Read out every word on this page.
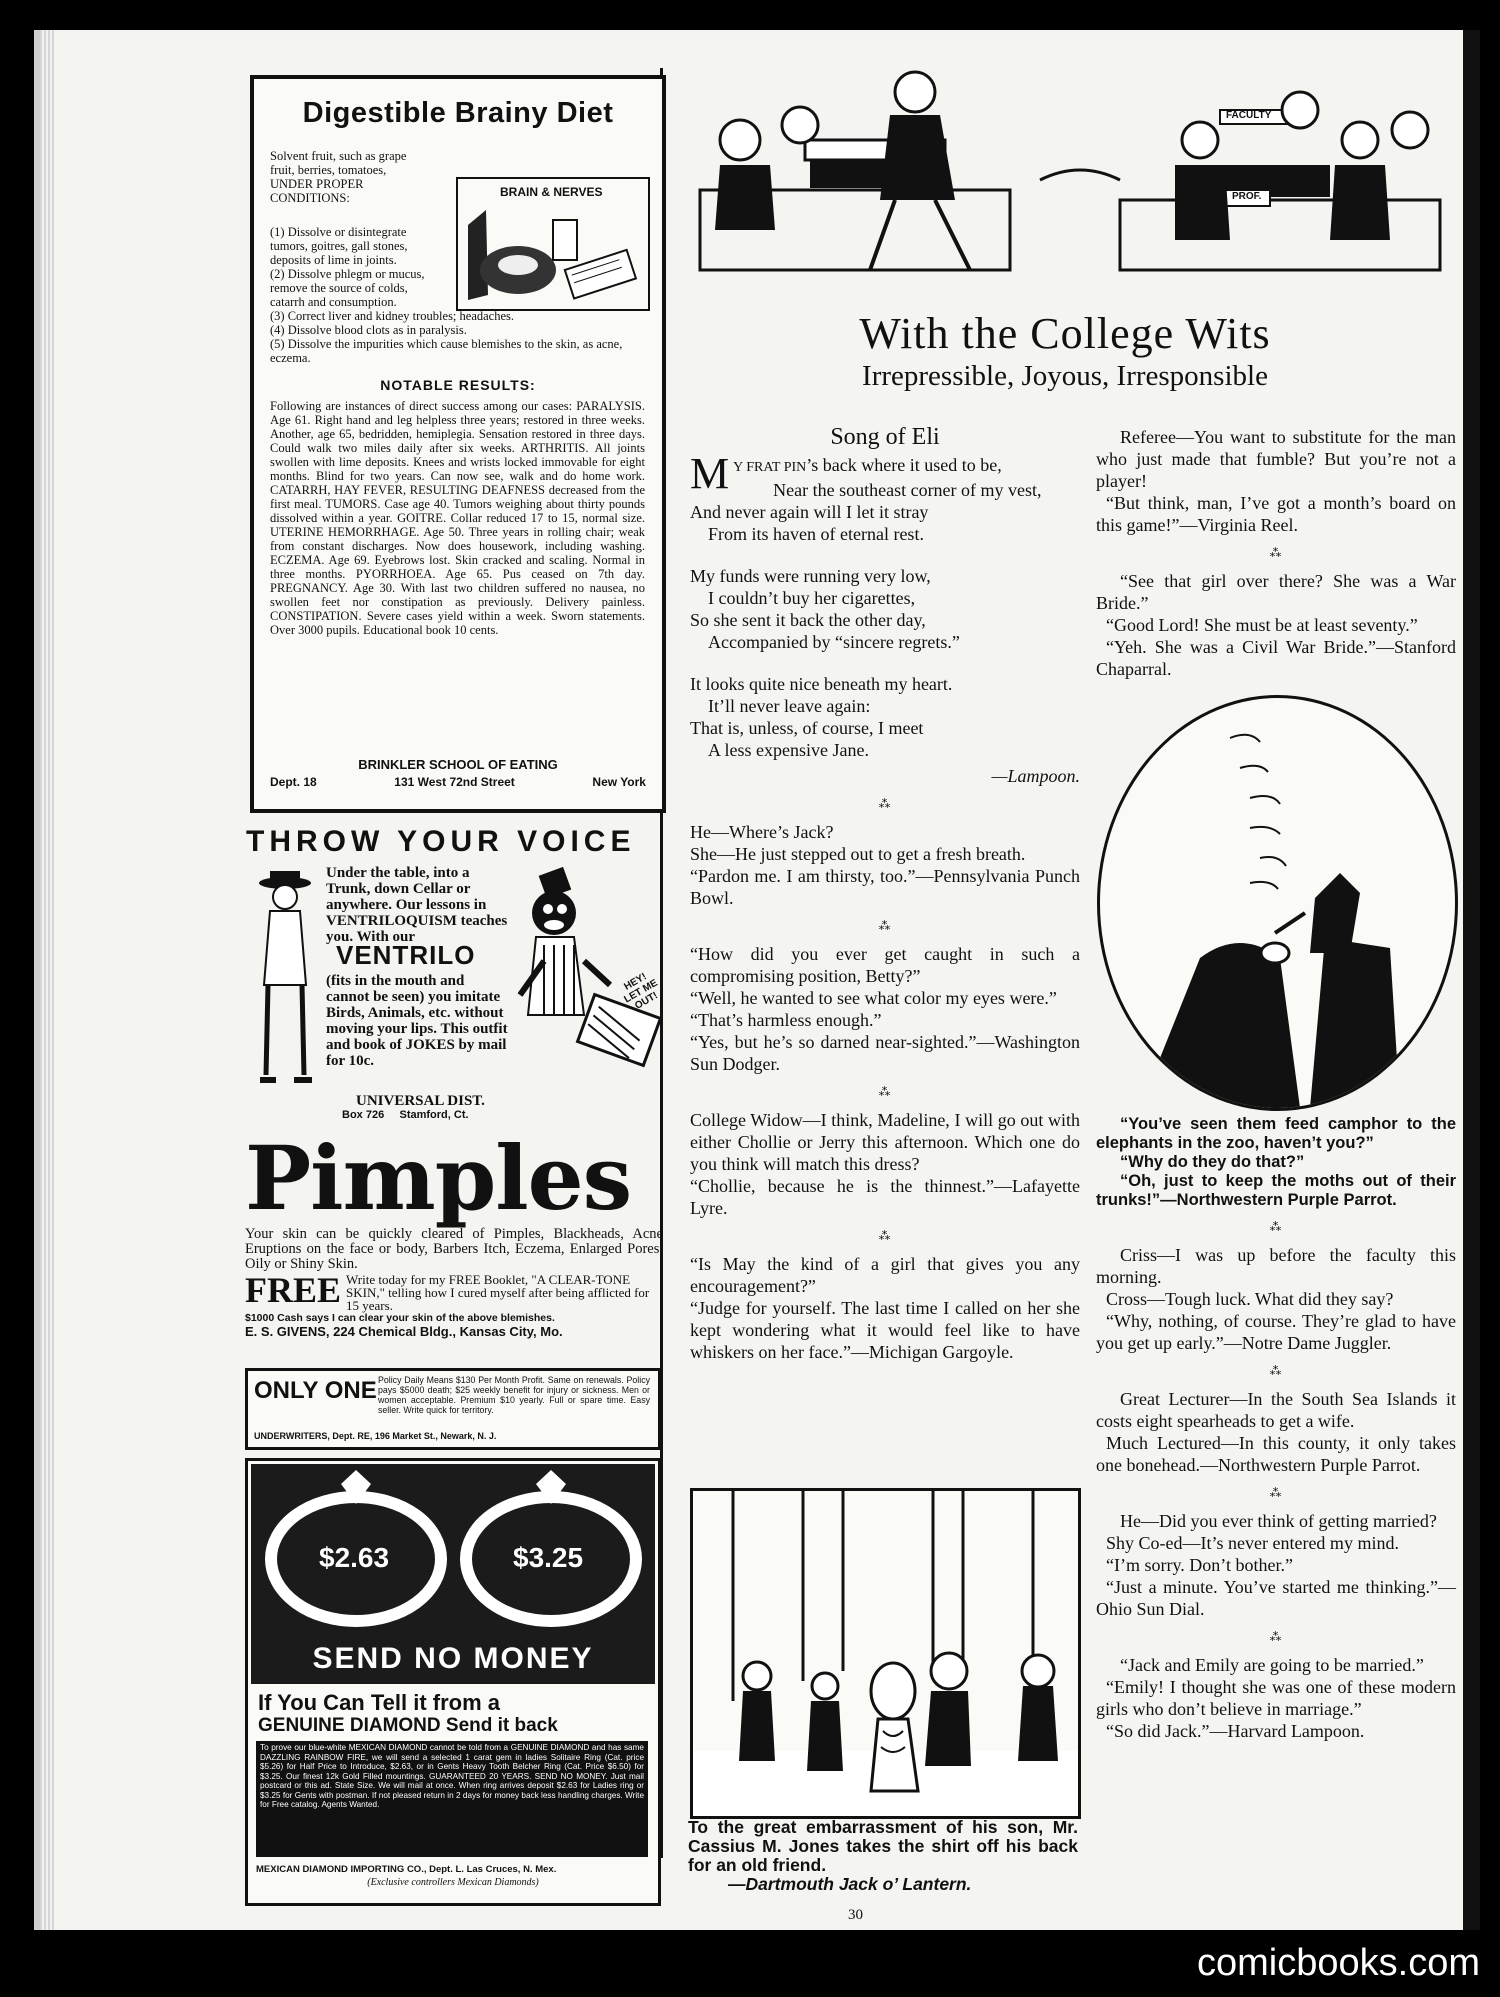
Digestible Brainy Diet
Solvent fruit, such as grape fruit, berries, tomatoes, UNDER PROPER CONDITIONS:	BRAIN & NERVES
(1) Dissolve or disintegrate tumors, goitres, gall stones, deposits of lime in joints.
(2) Dissolve phlegm or mucus, remove the source of colds, catarrh and consumption.
(3) Correct liver and kidney troubles; headaches.
(4) Dissolve blood clots as in paralysis.
(5) Dissolve the impurities which cause blemishes to the skin, as acne, eczema.
NOTABLE RESULTS:
Following are instances of direct success among our cases: PARALYSIS. Age 61. Right hand and leg helpless three years; restored in three weeks. Another, age 65, bedridden, hemiplegia. Sensation restored in three days. Could walk two miles daily after six weeks. ARTHRITIS. All joints swollen with lime deposits. Knees and wrists locked immovable for eight months. Blind for two years. Can now see, walk and do home work. CATARRH, HAY FEVER, RESULTING DEAFNESS decreased from the first meal. TUMORS. Case age 40. Tumors weighing about thirty pounds dissolved within a year. GOITRE. Collar reduced 17 to 15, normal size. UTERINE HEMORRHAGE. Age 50. Three years in rolling chair; weak from constant discharges. Now does housework, including washing. ECZEMA. Age 69. Eyebrows lost. Skin cracked and scaling. Normal in three months. PYORRHOEA. Age 65. Pus ceased on 7th day. PREGNANCY. Age 30. With last two children suffered no nausea, no swollen feet nor constipation as previously. Delivery painless. CONSTIPATION. Severe cases yield within a week. Sworn statements. Over 3000 pupils. Educational book 10 cents.
BRINKLER SCHOOL OF EATING
Dept. 18	131 West 72nd Street	New York
THROW YOUR VOICE
Under the table, into a Trunk, down Cellar or anywhere. Our lessons in VENTRILOQUISM teaches you. With our
VENTRILO
(fits in the mouth and cannot be seen) you imitate Birds, Animals, etc. without moving your lips. This outfit and book of JOKES by mail for 10c.
UNIVERSAL DIST.
Box 726 Stamford, Ct.
HEY! LET ME OUT!
Pimples
Your skin can be quickly cleared of Pimples, Blackheads, Acne Eruptions on the face or body, Barbers Itch, Eczema, Enlarged Pores, Oily or Shiny Skin.
FREE Write today for my FREE Booklet, "A CLEAR-TONE SKIN," telling how I cured myself after being afflicted for 15 years.
$1000 Cash says I can clear your skin of the above blemishes.
E. S. GIVENS, 224 Chemical Bldg., Kansas City, Mo.
ONLY ONE Policy Daily Means $130 Per Month Profit. Same on renewals. Policy pays $5000 death; $25 weekly benefit for injury or sickness. Men or women acceptable. Premium $10 yearly. Full or spare time. Easy seller. Write quick for territory.
UNDERWRITERS, Dept. RE, 196 Market St., Newark, N. J.
$2.63	$3.25
SEND NO MONEY
If You Can Tell it from a
GENUINE DIAMOND Send it back
To prove our blue-white MEXICAN DIAMOND cannot be told from a GENUINE DIAMOND and has same DAZZLING RAINBOW FIRE, we will send a selected 1 carat gem in ladies Solitaire Ring (Cat. price $5.26) for Half Price to Introduce, $2.63, or in Gents Heavy Tooth Belcher Ring (Cat. Price $6.50) for $3.25. Our finest 12k Gold Filled mountings. GUARANTEED 20 YEARS. SEND NO MONEY. Just mail postcard or this ad. State Size. We will mail at once. When ring arrives deposit $2.63 for Ladies ring or $3.25 for Gents with postman. If not pleased return in 2 days for money back less handling charges. Write for Free catalog. Agents Wanted.
MEXICAN DIAMOND IMPORTING CO., Dept. L. Las Cruces, N. Mex.
(Exclusive controllers Mexican Diamonds)
FACULTY
PROF.
With the College Wits
Irrepressible, Joyous, Irresponsible
Song of Eli
M Y FRAT PIN’s back where it used to be,
Near the southeast corner of my vest,

And never again will I let it stray

From its haven of eternal rest.

My funds were running very low,

I couldn’t buy her cigarettes,

So she sent it back the other day,

Accompanied by “sincere regrets.”

It looks quite nice beneath my heart.

It’ll never leave again:

That is, unless, of course, I meet

A less expensive Jane.

—Lampoon.

⁂

He—Where’s Jack?

She—He just stepped out to get a fresh breath.

“Pardon me. I am thirsty, too.”—Pennsylvania Punch Bowl.

⁂

“How did you ever get caught in such a compromising position, Betty?”

“Well, he wanted to see what color my eyes were.”

“That’s harmless enough.”

“Yes, but he’s so darned near-sighted.”—Washington Sun Dodger.

⁂

College Widow—I think, Madeline, I will go out with either Chollie or Jerry this afternoon. Which one do you think will match this dress?

“Chollie, because he is the thinnest.”—Lafayette Lyre.

⁂

“Is May the kind of a girl that gives you any encouragement?”

“Judge for yourself. The last time I called on her she kept wondering what it would feel like to have whiskers on her face.”—Michigan Gargoyle.

To the great embarrassment of his son, Mr. Cassius M. Jones takes the shirt off his back for an old friend.
—Dartmouth Jack o’ Lantern.

Referee—You want to substitute for the man who just made that fumble? But you’re not a player!

“But think, man, I’ve got a month’s board on this game!”—Virginia Reel.

⁂

“See that girl over there? She was a War Bride.”

“Good Lord! She must be at least seventy.”

“Yeh. She was a Civil War Bride.”—Stanford Chaparral.

“You’ve seen them feed camphor to the elephants in the zoo, haven’t you?”

“Why do they do that?”

“Oh, just to keep the moths out of their trunks!”—Northwestern Purple Parrot.

⁂

Criss—I was up before the faculty this morning.

Cross—Tough luck. What did they say?

“Why, nothing, of course. They’re glad to have you get up early.”—Notre Dame Juggler.

⁂

Great Lecturer—In the South Sea Islands it costs eight spearheads to get a wife.

Much Lectured—In this county, it only takes one bonehead.—Northwestern Purple Parrot.

⁂

He—Did you ever think of getting married?

Shy Co-ed—It’s never entered my mind.

“I’m sorry. Don’t bother.”

“Just a minute. You’ve started me thinking.”—Ohio Sun Dial.

⁂

“Jack and Emily are going to be married.”

“Emily! I thought she was one of these modern girls who don’t believe in marriage.”

“So did Jack.”—Harvard Lampoon.

30
comicbooks.com
